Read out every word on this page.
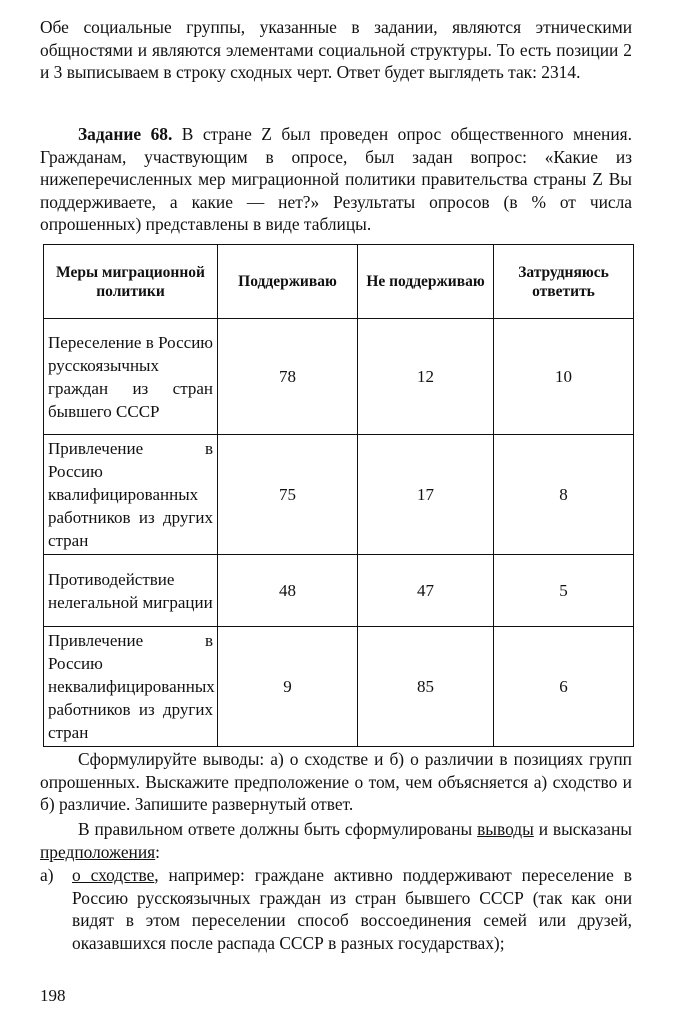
Обе социальные группы, указанные в задании, являются этническими общностями и являются элементами социальной структуры. То есть позиции 2 и 3 выписываем в строку сходных черт. Ответ будет выглядеть так: 2314.

Задание 68. В стране Z был проведен опрос общественного мнения. Гражданам, участвующим в опросе, был задан вопрос: «Какие из нижеперечисленных мер миграционной политики правительства страны Z Вы поддерживаете, а какие — нет?» Результаты опросов (в % от числа опрошенных) представлены в виде таблицы.

Меры миграционной политики	Поддерживаю	Не поддерживаю	Затрудняюсь ответить
Переселение в Россию русскоязычных граждан из стран бывшего СССР	78	12	10
Привлечение в Россию квалифицированных работников из других стран	75	17	8
Противодействие нелегальной миграции	48	47	5
Привлечение в Россию неквалифицированных работников из других стран	9	85	6

Сформулируйте выводы: а) о сходстве и б) о различии в позициях групп опрошенных. Выскажите предположение о том, чем объясняется а) сходство и б) различие. Запишите развернутый ответ.

В правильном ответе должны быть сформулированы выводы и высказаны предположения:

а) о сходстве, например: граждане активно поддерживают переселение в Россию русскоязычных граждан из стран бывшего СССР (так как они видят в этом переселении способ воссоединения семей или друзей, оказавшихся после распада СССР в разных государствах);

198
